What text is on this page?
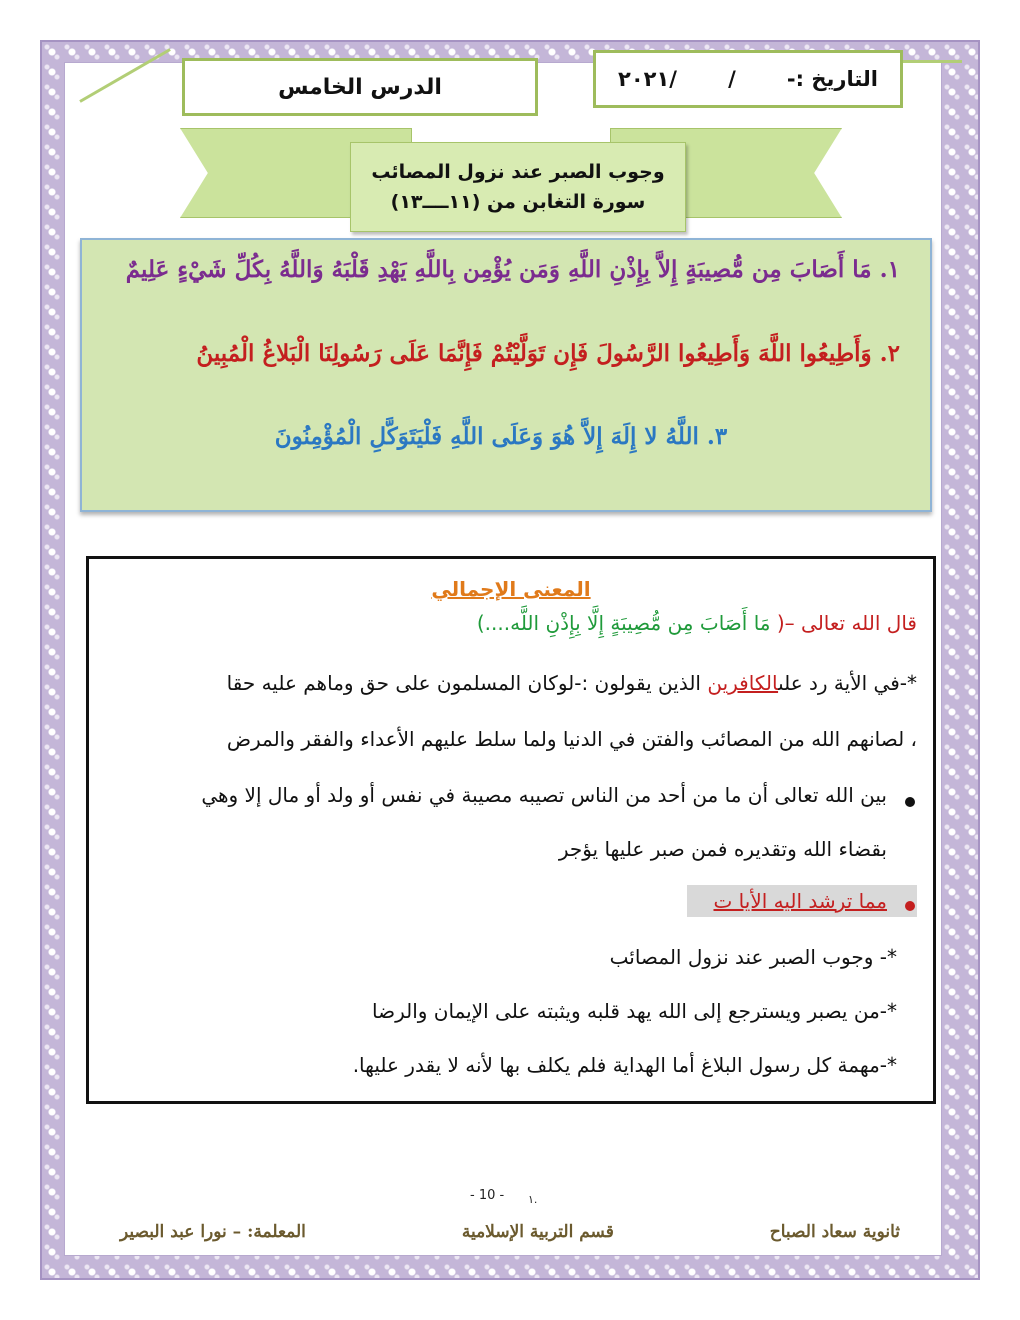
الدرس الخامس	التاريخ :-
/
/٢٠٢١
وجوب الصبر عند نزول المصائب
سورة التغابن من (١١ــــ١٣)
١. مَا أَصَابَ مِن مُّصِيبَةٍ إِلاَّ بِإِذْنِ اللَّهِ وَمَن يُؤْمِن بِاللَّهِ يَهْدِ قَلْبَهُ وَاللَّهُ بِكُلِّ شَيْءٍ عَلِيمٌ
٢. وَأَطِيعُوا اللَّهَ وَأَطِيعُوا الرَّسُولَ فَإِن تَوَلَّيْتُمْ فَإِنَّمَا عَلَى رَسُولِنَا الْبَلاغُ الْمُبِينُ
٣. اللَّهُ لا إِلَهَ إِلاَّ هُوَ وَعَلَى اللَّهِ فَلْيَتَوَكَّلِ الْمُؤْمِنُونَ
المعنى الإجمالي
قال الله تعالى –( مَا أَصَابَ مِن مُّصِيبَةٍ إِلَّا بِإِذْنِ اللَّه....)
*-في الأية رد علىالكافرين الذين يقولون :-لوكان المسلمون على حق وماهم عليه حقا
، لصانهم الله من المصائب والفتن في الدنيا ولما سلط عليهم الأعداء والفقر والمرض
بين الله تعالى أن ما من أحد من الناس تصيبه مصيبة في نفس أو ولد أو مال إلا وهي
بقضاء الله وتقديره فمن صبر عليها يؤجر
مما ترشد اليه الأيا ت
*- وجوب الصبر عند نزول المصائب
*-من يصبر ويسترجع إلى الله يهد قلبه ويثبته على الإيمان والرضا
*-مهمة كل رسول البلاغ أما الهداية فلم يكلف بها لأنه لا يقدر عليها.
- 10 - ١.
ثانوية سعاد الصباح
قسم التربية الإسلامية
المعلمة: – نورا عبد البصير
